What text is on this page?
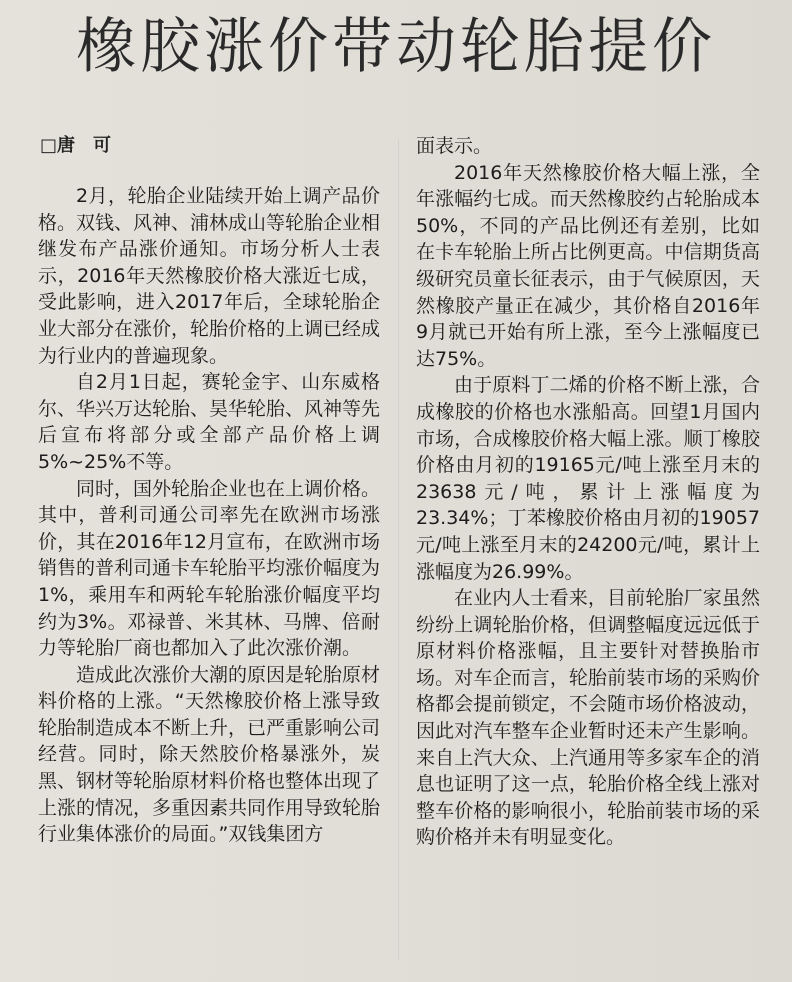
橡胶涨价带动轮胎提价
□唐　可

2月，轮胎企业陆续开始上调产品价格。双钱、风神、浦林成山等轮胎企业相继发布产品涨价通知。市场分析人士表示，2016年天然橡胶价格大涨近七成，受此影响，进入2017年后，全球轮胎企业大部分在涨价，轮胎价格的上调已经成为行业内的普遍现象。

自2月1日起，赛轮金宇、山东威格尔、华兴万达轮胎、昊华轮胎、风神等先后宣布将部分或全部产品价格上调5%~25%不等。

同时，国外轮胎企业也在上调价格。其中，普利司通公司率先在欧洲市场涨价，其在2016年12月宣布，在欧洲市场销售的普利司通卡车轮胎平均涨价幅度为1%，乘用车和两轮车轮胎涨价幅度平均约为3%。邓禄普、米其林、马牌、倍耐力等轮胎厂商也都加入了此次涨价潮。

造成此次涨价大潮的原因是轮胎原材料价格的上涨。“天然橡胶价格上涨导致轮胎制造成本不断上升，已严重影响公司经营。同时，除天然胶价格暴涨外，炭黑、钢材等轮胎原材料价格也整体出现了上涨的情况，多重因素共同作用导致轮胎行业集体涨价的局面。”双钱集团方

面表示。

2016年天然橡胶价格大幅上涨，全年涨幅约七成。而天然橡胶约占轮胎成本50%，不同的产品比例还有差别，比如在卡车轮胎上所占比例更高。中信期货高级研究员童长征表示，由于气候原因，天然橡胶产量正在减少，其价格自2016年9月就已开始有所上涨，至今上涨幅度已达75%。

由于原料丁二烯的价格不断上涨，合成橡胶的价格也水涨船高。回望1月国内市场，合成橡胶价格大幅上涨。顺丁橡胶价格由月初的19165元/吨上涨至月末的23638元/吨，累计上涨幅度为23.34%；丁苯橡胶价格由月初的19057元/吨上涨至月末的24200元/吨，累计上涨幅度为26.99%。

在业内人士看来，目前轮胎厂家虽然纷纷上调轮胎价格，但调整幅度远远低于原材料价格涨幅，且主要针对替换胎市场。对车企而言，轮胎前装市场的采购价格都会提前锁定，不会随市场价格波动，因此对汽车整车企业暂时还未产生影响。来自上汽大众、上汽通用等多家车企的消息也证明了这一点，轮胎价格全线上涨对整车价格的影响很小，轮胎前装市场的采购价格并未有明显变化。
